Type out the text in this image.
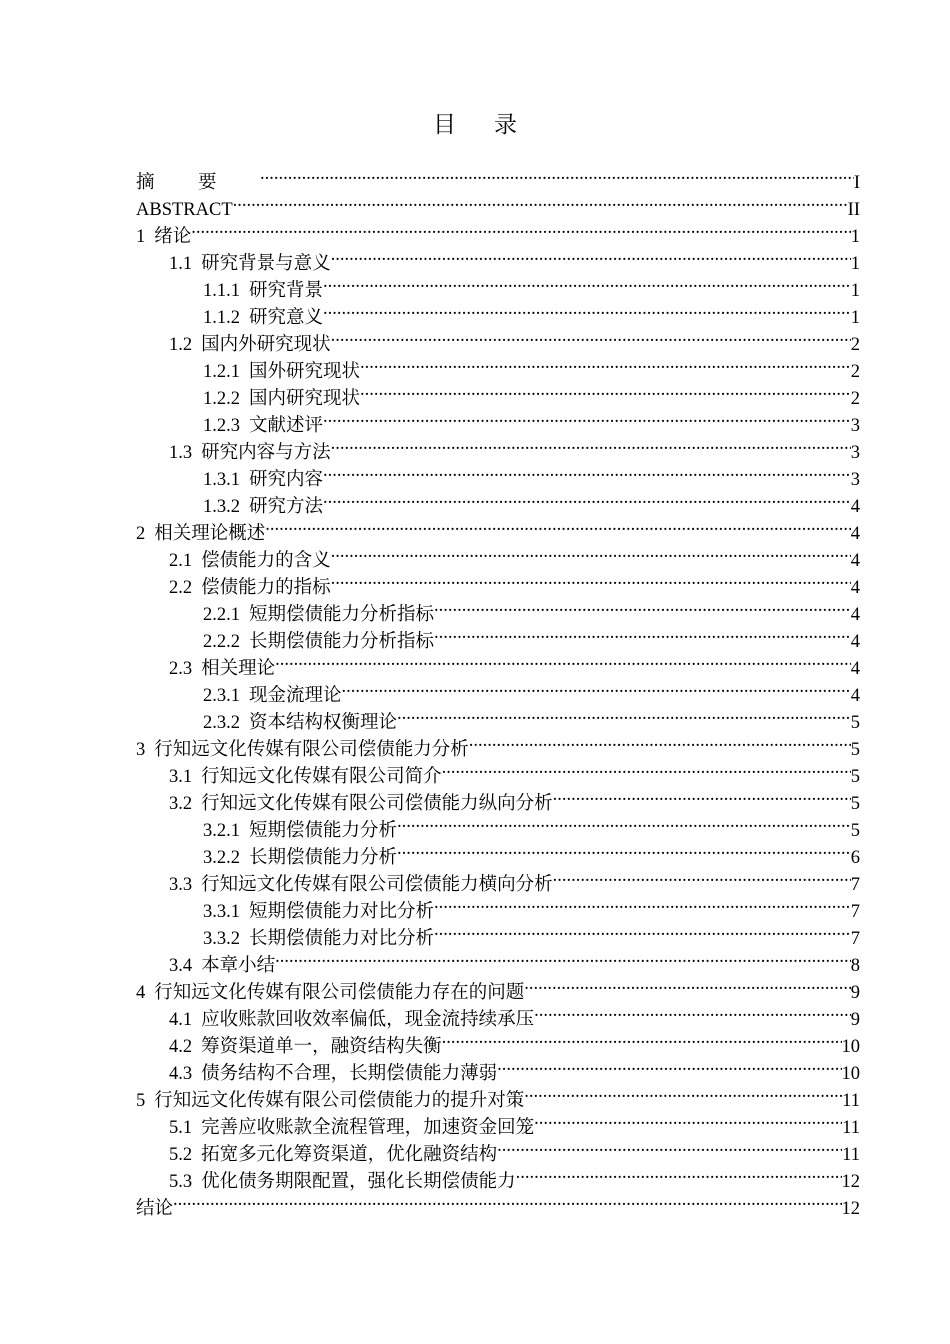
目录
摘要 .....	I
ABSTRACT .....	II
1 绪论 .....	1
1.1 研究背景与意义 .....	1
1.1.1 研究背景 .....	1
1.1.2 研究意义 .....	1
1.2 国内外研究现状 .....	2
1.2.1 国外研究现状 .....	2
1.2.2 国内研究现状 .....	2
1.2.3 文献述评 .....	3
1.3 研究内容与方法 .....	3
1.3.1 研究内容 .....	3
1.3.2 研究方法 .....	4
2 相关理论概述 .....	4
2.1 偿债能力的含义 .....	4
2.2 偿债能力的指标 .....	4
2.2.1 短期偿债能力分析指标 .....	4
2.2.2 长期偿债能力分析指标 .....	4
2.3 相关理论 .....	4
2.3.1 现金流理论 .....	4
2.3.2 资本结构权衡理论 .....	5
3 行知远文化传媒有限公司偿债能力分析 .....	5
3.1 行知远文化传媒有限公司简介 .....	5
3.2 行知远文化传媒有限公司偿债能力纵向分析 .....	5
3.2.1 短期偿债能力分析 .....	5
3.2.2 长期偿债能力分析 .....	6
3.3 行知远文化传媒有限公司偿债能力横向分析 .....	7
3.3.1 短期偿债能力对比分析 .....	7
3.3.2 长期偿债能力对比分析 .....	7
3.4 本章小结 .....	8
4 行知远文化传媒有限公司偿债能力存在的问题 .....	9
4.1 应收账款回收效率偏低，现金流持续承压 .....	9
4.2 筹资渠道单一，融资结构失衡 .....	10
4.3 债务结构不合理，长期偿债能力薄弱 .....	10
5 行知远文化传媒有限公司偿债能力的提升对策 .....	11
5.1 完善应收账款全流程管理，加速资金回笼 .....	11
5.2 拓宽多元化筹资渠道，优化融资结构 .....	11
5.3 优化债务期限配置，强化长期偿债能力 .....	12
结论 .....	12
